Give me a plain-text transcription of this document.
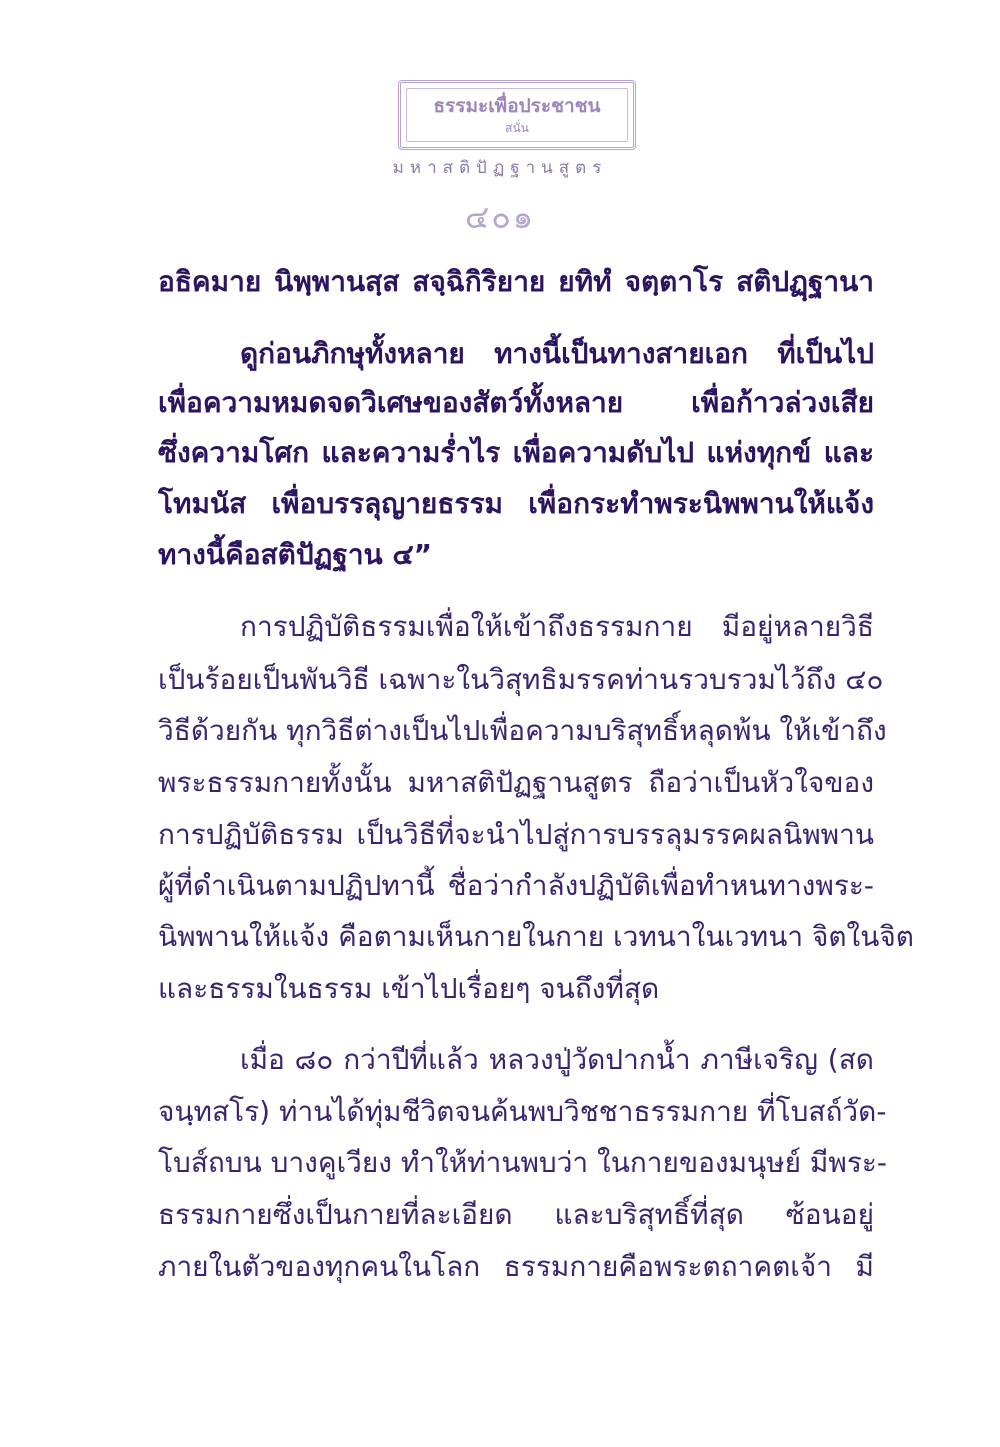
ธรรมะเพื่อประชาชน
สนั่น
มหาสติปัฏฐานสูตร
๔๐๑
อธิคมาย นิพฺพานสฺส สจฺฉิกิริยาย ยทิทํ จตฺตาโร สติปฏฺฐานา
ดูก่อนภิกษุทั้งหลาย ทางนี้เป็นทางสายเอก ที่เป็นไป
เพื่อความหมดจดวิเศษของสัตว์ทั้งหลาย เพื่อก้าวล่วงเสีย
ซึ่งความโศก และความร่ำไร เพื่อความดับไป แห่งทุกข์ และ
โทมนัส เพื่อบรรลุญายธรรม เพื่อกระทำพระนิพพานให้แจ้ง
ทางนี้คือสติปัฏฐาน ๔”
การปฏิบัติธรรมเพื่อให้เข้าถึงธรรมกาย มีอยู่หลายวิธี
เป็นร้อยเป็นพันวิธี เฉพาะในวิสุทธิมรรคท่านรวบรวมไว้ถึง ๔๐
วิธีด้วยกัน ทุกวิธีต่างเป็นไปเพื่อความบริสุทธิ์หลุดพ้น ให้เข้าถึง
พระธรรมกายทั้งนั้น มหาสติปัฏฐานสูตร ถือว่าเป็นหัวใจของ
การปฏิบัติธรรม เป็นวิธีที่จะนำไปสู่การบรรลุมรรคผลนิพพาน
ผู้ที่ดำเนินตามปฏิปทานี้ ชื่อว่ากำลังปฏิบัติเพื่อทำหนทางพระ-
นิพพานให้แจ้ง คือตามเห็นกายในกาย เวทนาในเวทนา จิตในจิต
และธรรมในธรรม เข้าไปเรื่อยๆ จนถึงที่สุด
เมื่อ ๘๐ กว่าปีที่แล้ว หลวงปู่วัดปากน้ำ ภาษีเจริญ (สด
จนฺทสโร) ท่านได้ทุ่มชีวิตจนค้นพบวิชชาธรรมกาย ที่โบสถ์วัด-
โบส์ถบน บางคูเวียง ทำให้ท่านพบว่า ในกายของมนุษย์ มีพระ-
ธรรมกายซึ่งเป็นกายที่ละเอียด และบริสุทธิ์ที่สุด ซ้อนอยู่
ภายในตัวของทุกคนในโลก ธรรมกายคือพระตถาคตเจ้า มี
